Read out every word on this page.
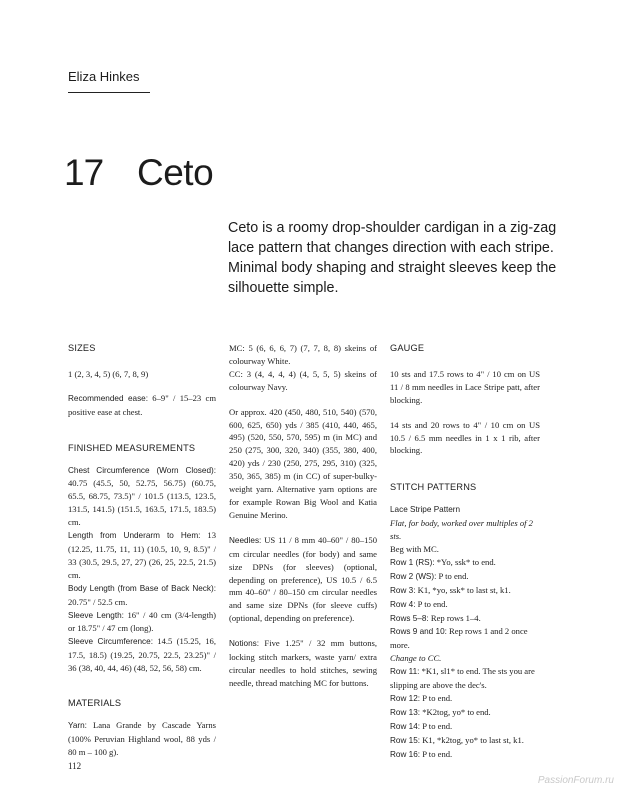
Eliza Hinkes
17 Ceto
Ceto is a roomy drop-shoulder cardigan in a zig-zag lace pattern that changes direction with each stripe. Minimal body shaping and straight sleeves keep the silhouette simple.

SIZES

1 (2, 3, 4, 5) (6, 7, 8, 9)

Recommended ease: 6–9" / 15–23 cm positive ease at chest.

FINISHED MEASUREMENTS

Chest Circumference (Worn Closed): 40.75 (45.5, 50, 52.75, 56.75) (60.75, 65.5, 68.75, 73.5)" / 101.5 (113.5, 123.5, 131.5, 141.5) (151.5, 163.5, 171.5, 183.5) cm.

Length from Underarm to Hem: 13 (12.25, 11.75, 11, 11) (10.5, 10, 9, 8.5)" / 33 (30.5, 29.5, 27, 27) (26, 25, 22.5, 21.5) cm.

Body Length (from Base of Back Neck): 20.75" / 52.5 cm.

Sleeve Length: 16" / 40 cm (3/4-length) or 18.75" / 47 cm (long).

Sleeve Circumference: 14.5 (15.25, 16, 17.5, 18.5) (19.25, 20.75, 22.5, 23.25)" / 36 (38, 40, 44, 46) (48, 52, 56, 58) cm.

MATERIALS

Yarn: Lana Grande by Cascade Yarns (100% Peruvian Highland wool, 88 yds / 80 m – 100 g).

MC: 5 (6, 6, 6, 7) (7, 7, 8, 8) skeins of colourway White.

CC: 3 (4, 4, 4, 4) (4, 5, 5, 5) skeins of colourway Navy.

Or approx. 420 (450, 480, 510, 540) (570, 600, 625, 650) yds / 385 (410, 440, 465, 495) (520, 550, 570, 595) m (in MC) and 250 (275, 300, 320, 340) (355, 380, 400, 420) yds / 230 (250, 275, 295, 310) (325, 350, 365, 385) m (in CC) of super-bulky-weight yarn. Alternative yarn options are for example Rowan Big Wool and Katia Genuine Merino.

Needles: US 11 / 8 mm 40–60" / 80–150 cm circular needles (for body) and same size DPNs (for sleeves) (optional, depending on preference), US 10.5 / 6.5 mm 40–60" / 80–150 cm circular needles and same size DPNs (for sleeve cuffs) (optional, depending on preference).

Notions: Five 1.25" / 32 mm buttons, locking stitch markers, waste yarn/ extra circular needles to hold stitches, sewing needle, thread matching MC for buttons.

GAUGE

10 sts and 17.5 rows to 4" / 10 cm on US 11 / 8 mm needles in Lace Stripe patt, after blocking.

14 sts and 20 rows to 4" / 10 cm on US 10.5 / 6.5 mm needles in 1 x 1 rib, after blocking.

STITCH PATTERNS

Lace Stripe Pattern

Flat, for body, worked over multiples of 2 sts.

Beg with MC.

Row 1 (RS): *Yo, ssk* to end.

Row 2 (WS): P to end.

Row 3: K1, *yo, ssk* to last st, k1.

Row 4: P to end.

Rows 5–8: Rep rows 1–4.

Rows 9 and 10: Rep rows 1 and 2 once more.

Change to CC.

Row 11: *K1, sl1* to end. The sts you are slipping are above the dec's.

Row 12: P to end.

Row 13: *K2tog, yo* to end.

Row 14: P to end.

Row 15: K1, *k2tog, yo* to last st, k1.

Row 16: P to end.

112
PassionForum.ru
